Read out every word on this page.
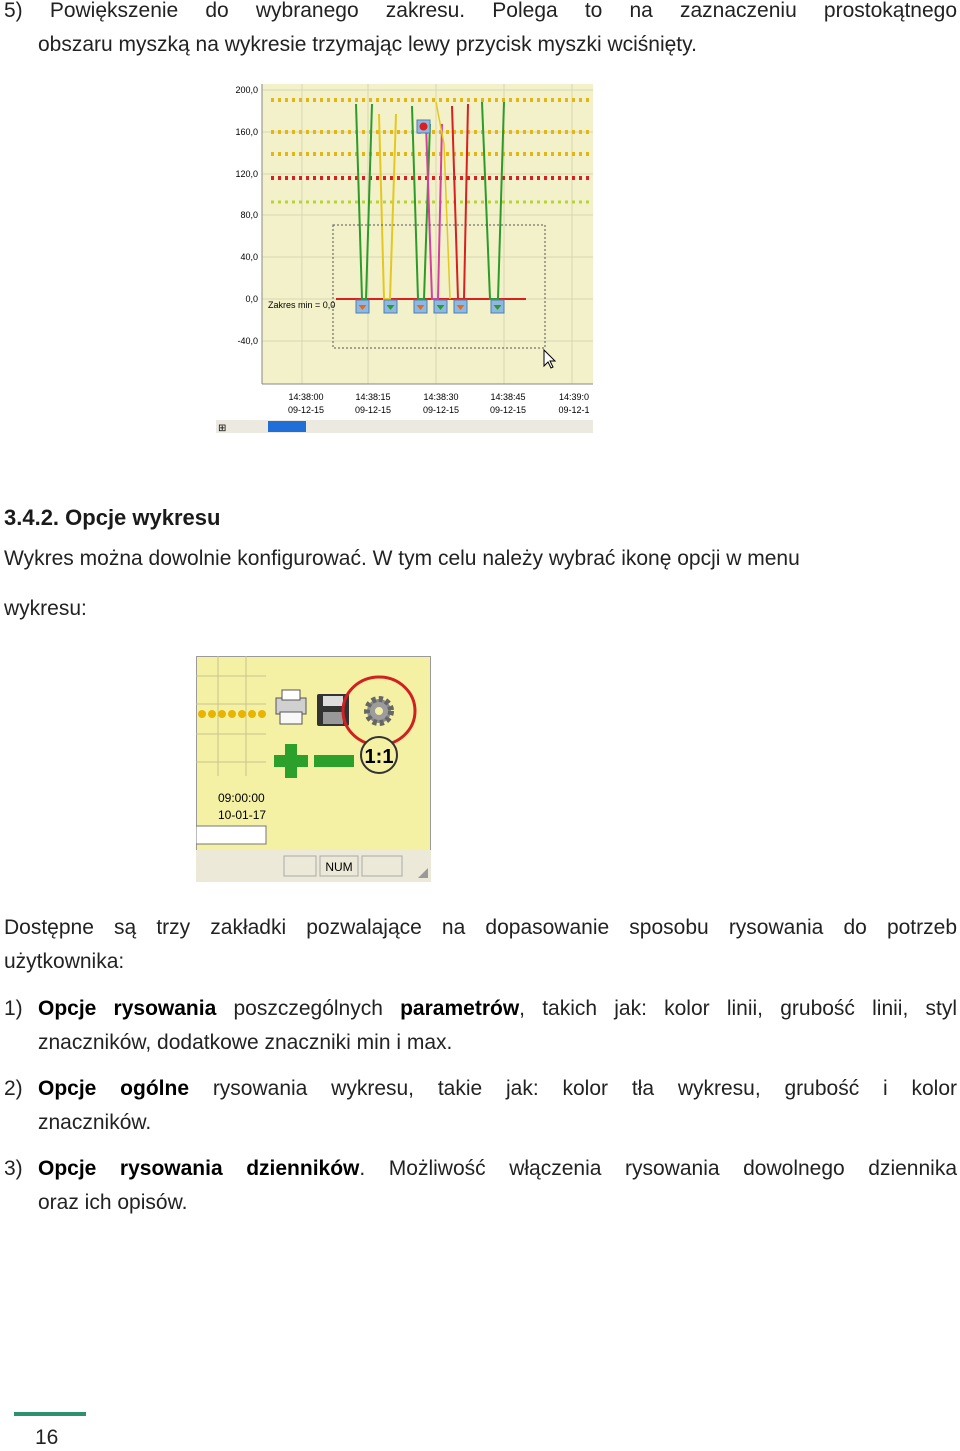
5) Powiększenie do wybranego zakresu. Polega to na zaznaczeniu prostokątnego
obszaru myszką na wykresie trzymając lewy przycisk myszki wciśnięty.
Zakres min = 0,0
200,0
160,0
120,0
80,0
40,0
0,0
-40,0
14:38:00
09-12-15
14:38:15
09-12-15
14:38:30
09-12-15
14:38:45
09-12-15
14:39:0
09-12-1
⊞
3.4.2. Opcje wykresu
Wykres można dowolnie konfigurować. W tym celu należy wybrać ikonę opcji w menu
wykresu:
1:1
09:00:00
10-01-17
NUM
Dostępne są trzy zakładki pozwalające na dopasowanie sposobu rysowania do potrzeb
użytkownika:
1) Opcje rysowania poszczególnych parametrów, takich jak: kolor linii, grubość linii, styl
znaczników, dodatkowe znaczniki min i max.
2) Opcje ogólne rysowania wykresu, takie jak: kolor tła wykresu, grubość i kolor
znaczników.
3) Opcje rysowania dzienników. Możliwość włączenia rysowania dowolnego dziennika
oraz ich opisów.
16
